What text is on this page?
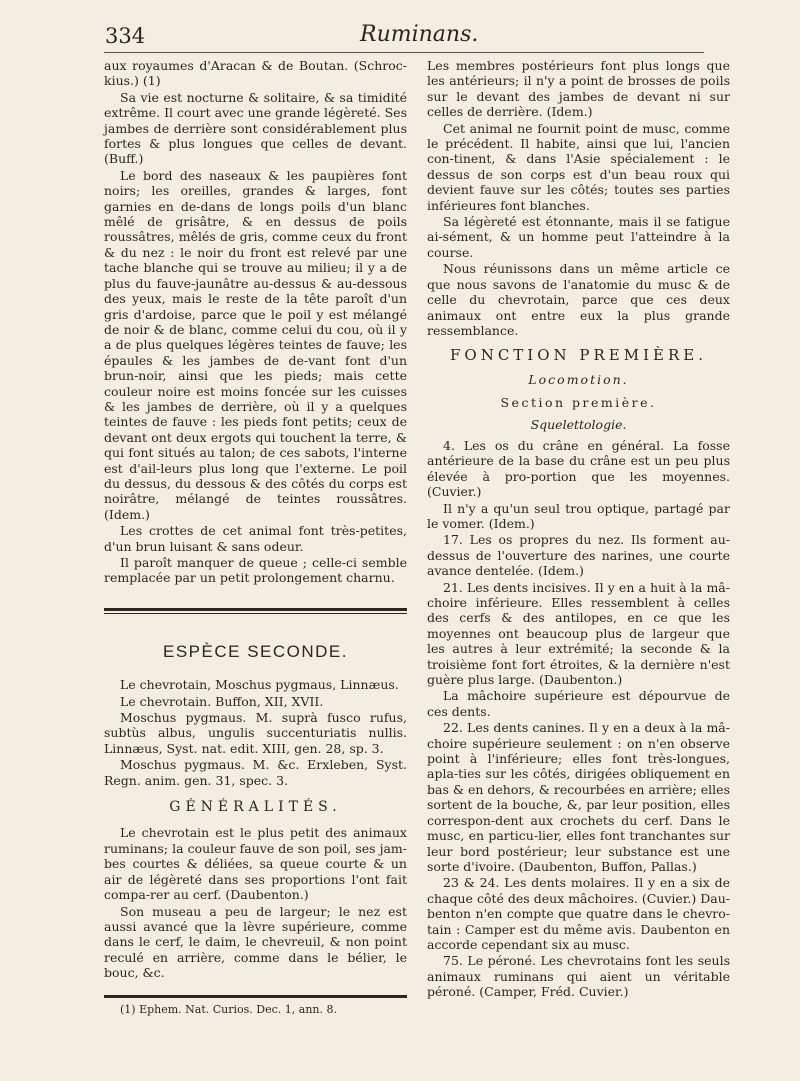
334	Ruminans.

aux royaumes d'Aracan & de Boutan. (Schroc-kius.) (1)

Sa vie est nocturne & solitaire, & sa timidité extrême. Il court avec une grande légèreté. Ses jambes de derrière sont considérablement plus fortes & plus longues que celles de devant. (Buff.)

Le bord des naseaux & les paupières font noirs; les oreilles, grandes & larges, font garnies en de-dans de longs poils d'un blanc mêlé de grisâtre, & en dessus de poils roussâtres, mêlés de gris, comme ceux du front & du nez : le noir du front est relevé par une tache blanche qui se trouve au milieu; il y a de plus du fauve-jaunâtre au-dessus & au-dessous des yeux, mais le reste de la tête paroît d'un gris d'ardoise, parce que le poil y est mélangé de noir & de blanc, comme celui du cou, où il y a de plus quelques légères teintes de fauve; les épaules & les jambes de de-vant font d'un brun-noir, ainsi que les pieds; mais cette couleur noire est moins foncée sur les cuisses & les jambes de derrière, où il y a quelques teintes de fauve : les pieds font petits; ceux de devant ont deux ergots qui touchent la terre, & qui font situés au talon; de ces sabots, l'interne est d'ail-leurs plus long que l'externe. Le poil du dessus, du dessous & des côtés du corps est noirâtre, mélangé de teintes roussâtres. (Idem.)

Les crottes de cet animal font très-petites, d'un brun luisant & sans odeur.

Il paroît manquer de queue ; celle-ci semble remplacée par un petit prolongement charnu.

ESPÈCE SECONDE.

Le chevrotain, Moschus pygmaus, Linnæus.

Le chevrotain. Buffon, XII, XVII.

Moschus pygmaus. M. suprà fusco rufus, subtùs albus, ungulis succenturiatis nullis. Linnæus, Syst. nat. edit. XIII, gen. 28, sp. 3.

Moschus pygmaus. M. &c. Erxleben, Syst. Regn. anim. gen. 31, spec. 3.

GÉNÉRALITÉS.

Le chevrotain est le plus petit des animaux ruminans; la couleur fauve de son poil, ses jam-bes courtes & déliées, sa queue courte & un air de légèreté dans ses proportions l'ont fait compa-rer au cerf. (Daubenton.)

Son museau a peu de largeur; le nez est aussi avancé que la lèvre supérieure, comme dans le cerf, le daim, le chevreuil, & non point reculé en arrière, comme dans le bélier, le bouc, &c.

(1) Ephem. Nat. Curios. Dec. 1, ann. 8.

Les membres postérieurs font plus longs que les antérieurs; il n'y a point de brosses de poils sur le devant des jambes de devant ni sur celles de derrière. (Idem.)

Cet animal ne fournit point de musc, comme le précédent. Il habite, ainsi que lui, l'ancien con-tinent, & dans l'Asie spécialement : le dessus de son corps est d'un beau roux qui devient fauve sur les côtés; toutes ses parties inférieures font blanches.

Sa légèreté est étonnante, mais il se fatigue ai-sément, & un homme peut l'atteindre à la course.

Nous réunissons dans un même article ce que nous savons de l'anatomie du musc & de celle du chevrotain, parce que ces deux animaux ont entre eux la plus grande ressemblance.

FONCTION PREMIÈRE.
Locomotion.
Section première.
Squelettologie.

4. Les os du crâne en général. La fosse antérieure de la base du crâne est un peu plus élevée à pro-portion que les moyennes. (Cuvier.)

Il n'y a qu'un seul trou optique, partagé par le vomer. (Idem.)

17. Les os propres du nez. Ils forment au-dessus de l'ouverture des narines, une courte avance dentelée. (Idem.)

21. Les dents incisives. Il y en a huit à la mâ-choire inférieure. Elles ressemblent à celles des cerfs & des antilopes, en ce que les moyennes ont beaucoup plus de largeur que les autres à leur extrémité; la seconde & la troisième font fort étroites, & la dernière n'est guère plus large. (Daubenton.)

La mâchoire supérieure est dépourvue de ces dents.

22. Les dents canines. Il y en a deux à la mâ-choire supérieure seulement : on n'en observe point à l'inférieure; elles font très-longues, apla-ties sur les côtés, dirigées obliquement en bas & en dehors, & recourbées en arrière; elles sortent de la bouche, &, par leur position, elles correspon-dent aux crochets du cerf. Dans le musc, en particu-lier, elles font tranchantes sur leur bord postérieur; leur substance est une sorte d'ivoire. (Daubenton, Buffon, Pallas.)

23 & 24. Les dents molaires. Il y en a six de chaque côté des deux mâchoires. (Cuvier.) Dau-benton n'en compte que quatre dans le chevro-tain : Camper est du même avis. Daubenton en accorde cependant six au musc.

75. Le péroné. Les chevrotains font les seuls animaux ruminans qui aient un véritable péroné. (Camper, Fréd. Cuvier.)
